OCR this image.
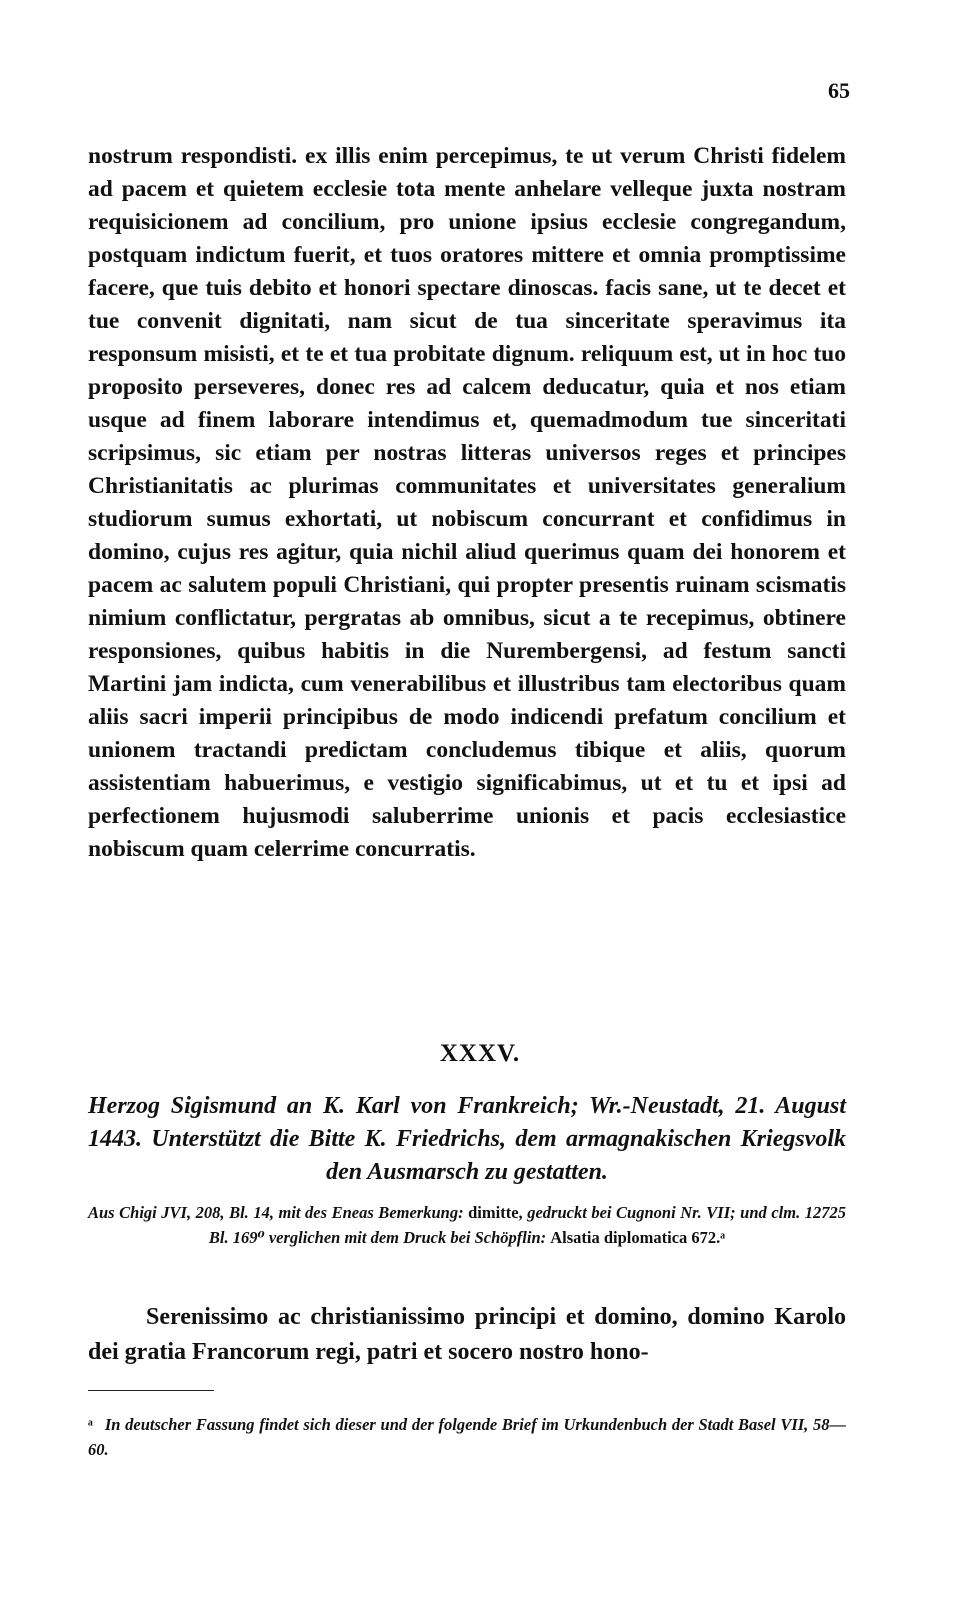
65
nostrum respondisti. ex illis enim percepimus, te ut verum Christi fidelem ad pacem et quietem ecclesie tota mente anhelare velleque juxta nostram requisicionem ad concilium, pro unione ipsius ecclesie congregandum, postquam indictum fuerit, et tuos oratores mittere et omnia promptissime facere, que tuis debito et honori spectare dinoscas. facis sane, ut te decet et tue convenit dignitati, nam sicut de tua sinceritate speravimus ita responsum misisti, et te et tua probitate dignum. reliquum est, ut in hoc tuo proposito perseveres, donec res ad calcem deducatur, quia et nos etiam usque ad finem laborare intendimus et, quemadmodum tue sinceritati scripsimus, sic etiam per nostras litteras universos reges et principes Christianitatis ac plurimas communitates et universitates generalium studiorum sumus exhortati, ut nobiscum concurrant et confidimus in domino, cujus res agitur, quia nichil aliud querimus quam dei honorem et pacem ac salutem populi Christiani, qui propter presentis ruinam scismatis nimium conflictatur, pergratas ab omnibus, sicut a te recepimus, obtinere responsiones, quibus habitis in die Nurembergensi, ad festum sancti Martini jam indicta, cum venerabilibus et illustribus tam electoribus quam aliis sacri imperii principibus de modo indicendi prefatum concilium et unionem tractandi predictam concludemus tibique et aliis, quorum assistentiam habuerimus, e vestigio significabimus, ut et tu et ipsi ad perfectionem hujusmodi saluberrime unionis et pacis ecclesiastice nobiscum quam celerrime concurratis.
XXXV.
Herzog Sigismund an K. Karl von Frankreich; Wr.-Neustadt, 21. August 1443. Unterstützt die Bitte K. Friedrichs, dem armagnakischen Kriegsvolk den Ausmarsch zu gestatten.
Aus Chigi JVI, 208, Bl. 14, mit des Eneas Bemerkung: dimitte, gedruckt bei Cugnoni Nr. VII; und clm. 12725 Bl. 169⁰ verglichen mit dem Druck bei Schöpflin: Alsatia diplomatica 672.ᵃ
Serenissimo ac christianissimo principi et domino, domino Karolo dei gratia Francorum regi, patri et socero nostro hono-
ᵃ In deutscher Fassung findet sich dieser und der folgende Brief im Urkundenbuch der Stadt Basel VII, 58—60.
